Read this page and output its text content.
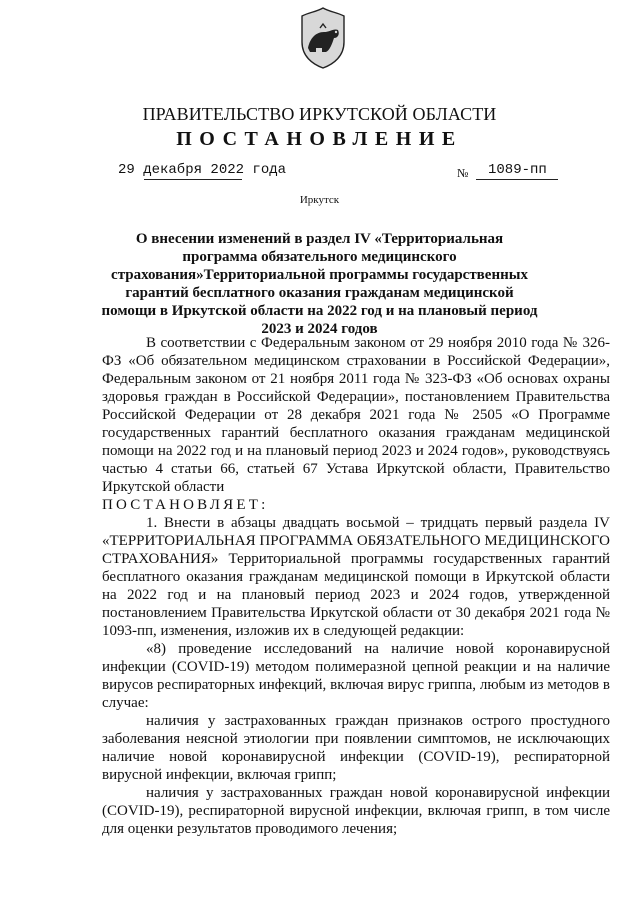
ПРАВИТЕЛЬСТВО ИРКУТСКОЙ ОБЛАСТИ
ПОСТАНОВЛЕНИЕ
29 декабря 2022 года	№ 1089-пп
Иркутск
О внесении изменений в раздел IV «Территориальная программа обязательного медицинского страхования»Территориальной программы государственных гарантий бесплатного оказания гражданам медицинской помощи в Иркутской области на 2022 год и на плановый период 2023 и 2024 годов

В соответствии с Федеральным законом от 29 ноября 2010 года № 326-ФЗ «Об обязательном медицинском страховании в Российской Федерации», Федеральным законом от 21 ноября 2011 года № 323-ФЗ «Об основах охраны здоровья граждан в Российской Федерации», постановлением Правительства Российской Федерации от 28 декабря 2021 года № 2505 «О Программе государственных гарантий бесплатного оказания гражданам медицинской помощи на 2022 год и на плановый период 2023 и 2024 годов», руководствуясь частью 4 статьи 66, статьей 67 Устава Иркутской области, Правительство Иркутской области

ПОСТАНОВЛЯЕТ:

1. Внести в абзацы двадцать восьмой – тридцать первый раздела IV «ТЕРРИТОРИАЛЬНАЯ ПРОГРАММА ОБЯЗАТЕЛЬНОГО МЕДИЦИНСКОГО СТРАХОВАНИЯ» Территориальной программы государственных гарантий бесплатного оказания гражданам медицинской помощи в Иркутской области на 2022 год и на плановый период 2023 и 2024 годов, утвержденной постановлением Правительства Иркутской области от 30 декабря 2021 года № 1093-пп, изменения, изложив их в следующей редакции:

«8) проведение исследований на наличие новой коронавирусной инфекции (COVID-19) методом полимеразной цепной реакции и на наличие вирусов респираторных инфекций, включая вирус гриппа, любым из методов в случае:

наличия у застрахованных граждан признаков острого простудного заболевания неясной этиологии при появлении симптомов, не исключающих наличие новой коронавирусной инфекции (COVID-19), респираторной вирусной инфекции, включая грипп;

наличия у застрахованных граждан новой коронавирусной инфекции (COVID-19), респираторной вирусной инфекции, включая грипп, в том числе для оценки результатов проводимого лечения;
